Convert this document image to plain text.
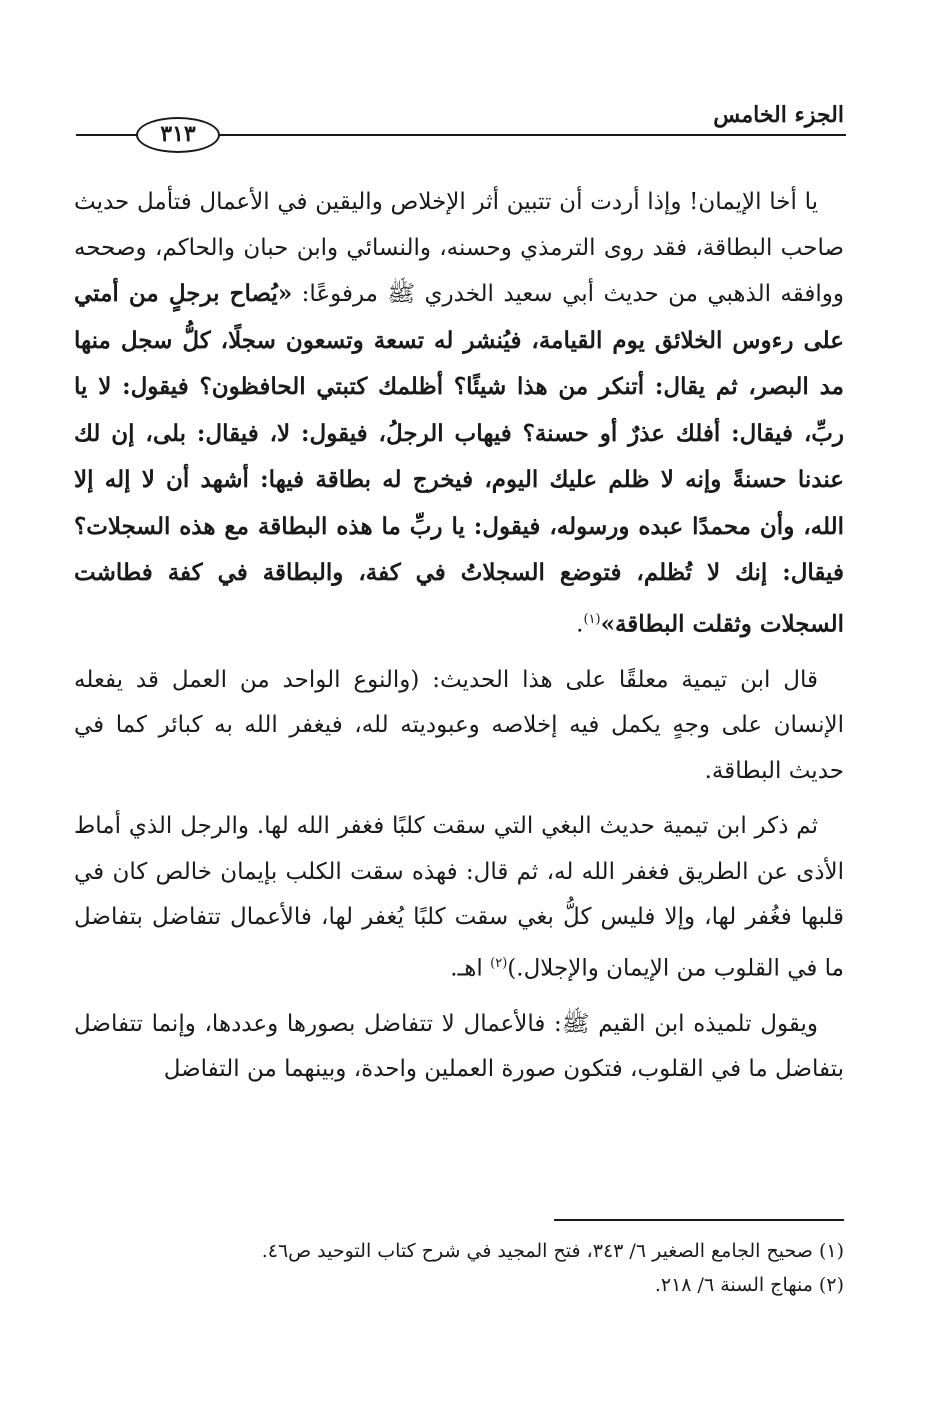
الجزء الخامس
٣١٣

يا أخا الإيمان! وإذا أردت أن تتبين أثر الإخلاص واليقين في الأعمال فتأمل حديث صاحب البطاقة، فقد روى الترمذي وحسنه، والنسائي وابن حبان والحاكم، وصححه ووافقه الذهبي من حديث أبي سعيد الخدري ﷺ مرفوعًا: «يُصاح برجلٍ من أمتي على رءوس الخلائق يوم القيامة، فيُنشر له تسعة وتسعون سجلًا، كلُّ سجل منها مد البصر، ثم يقال: أتنكر من هذا شيئًا؟ أظلمك كتبتي الحافظون؟ فيقول: لا يا ربِّ، فيقال: أفلك عذرٌ أو حسنة؟ فيهاب الرجلُ، فيقول: لا، فيقال: بلى، إن لك عندنا حسنةً وإنه لا ظلم عليك اليوم، فيخرج له بطاقة فيها: أشهد أن لا إله إلا الله، وأن محمدًا عبده ورسوله، فيقول: يا ربِّ ما هذه البطاقة مع هذه السجلات؟ فيقال: إنك لا تُظلم، فتوضع السجلاتُ في كفة، والبطاقة في كفة فطاشت السجلات وثقلت البطاقة»$^{(١)}$.

قال ابن تيمية معلقًا على هذا الحديث: (والنوع الواحد من العمل قد يفعله الإنسان على وجهٍ يكمل فيه إخلاصه وعبوديته لله، فيغفر الله به كبائر كما في حديث البطاقة.

ثم ذكر ابن تيمية حديث البغي التي سقت كلبًا فغفر الله لها. والرجل الذي أماط الأذى عن الطريق فغفر الله له، ثم قال: فهذه سقت الكلب بإيمان خالص كان في قلبها فغُفر لها، وإلا فليس كلُّ بغي سقت كلبًا يُغفر لها، فالأعمال تتفاضل بتفاضل ما في القلوب من الإيمان والإجلال.)$^{(٢)}$ اهـ.

ويقول تلميذه ابن القيم ﷺ: فالأعمال لا تتفاضل بصورها وعددها، وإنما تتفاضل بتفاضل ما في القلوب، فتكون صورة العملين واحدة، وبينهما من التفاضل

(١) صحيح الجامع الصغير ٦/ ٣٤٣، فتح المجيد في شرح كتاب التوحيد ص٤٦.

(٢) منهاج السنة ٦/ ٢١٨.
